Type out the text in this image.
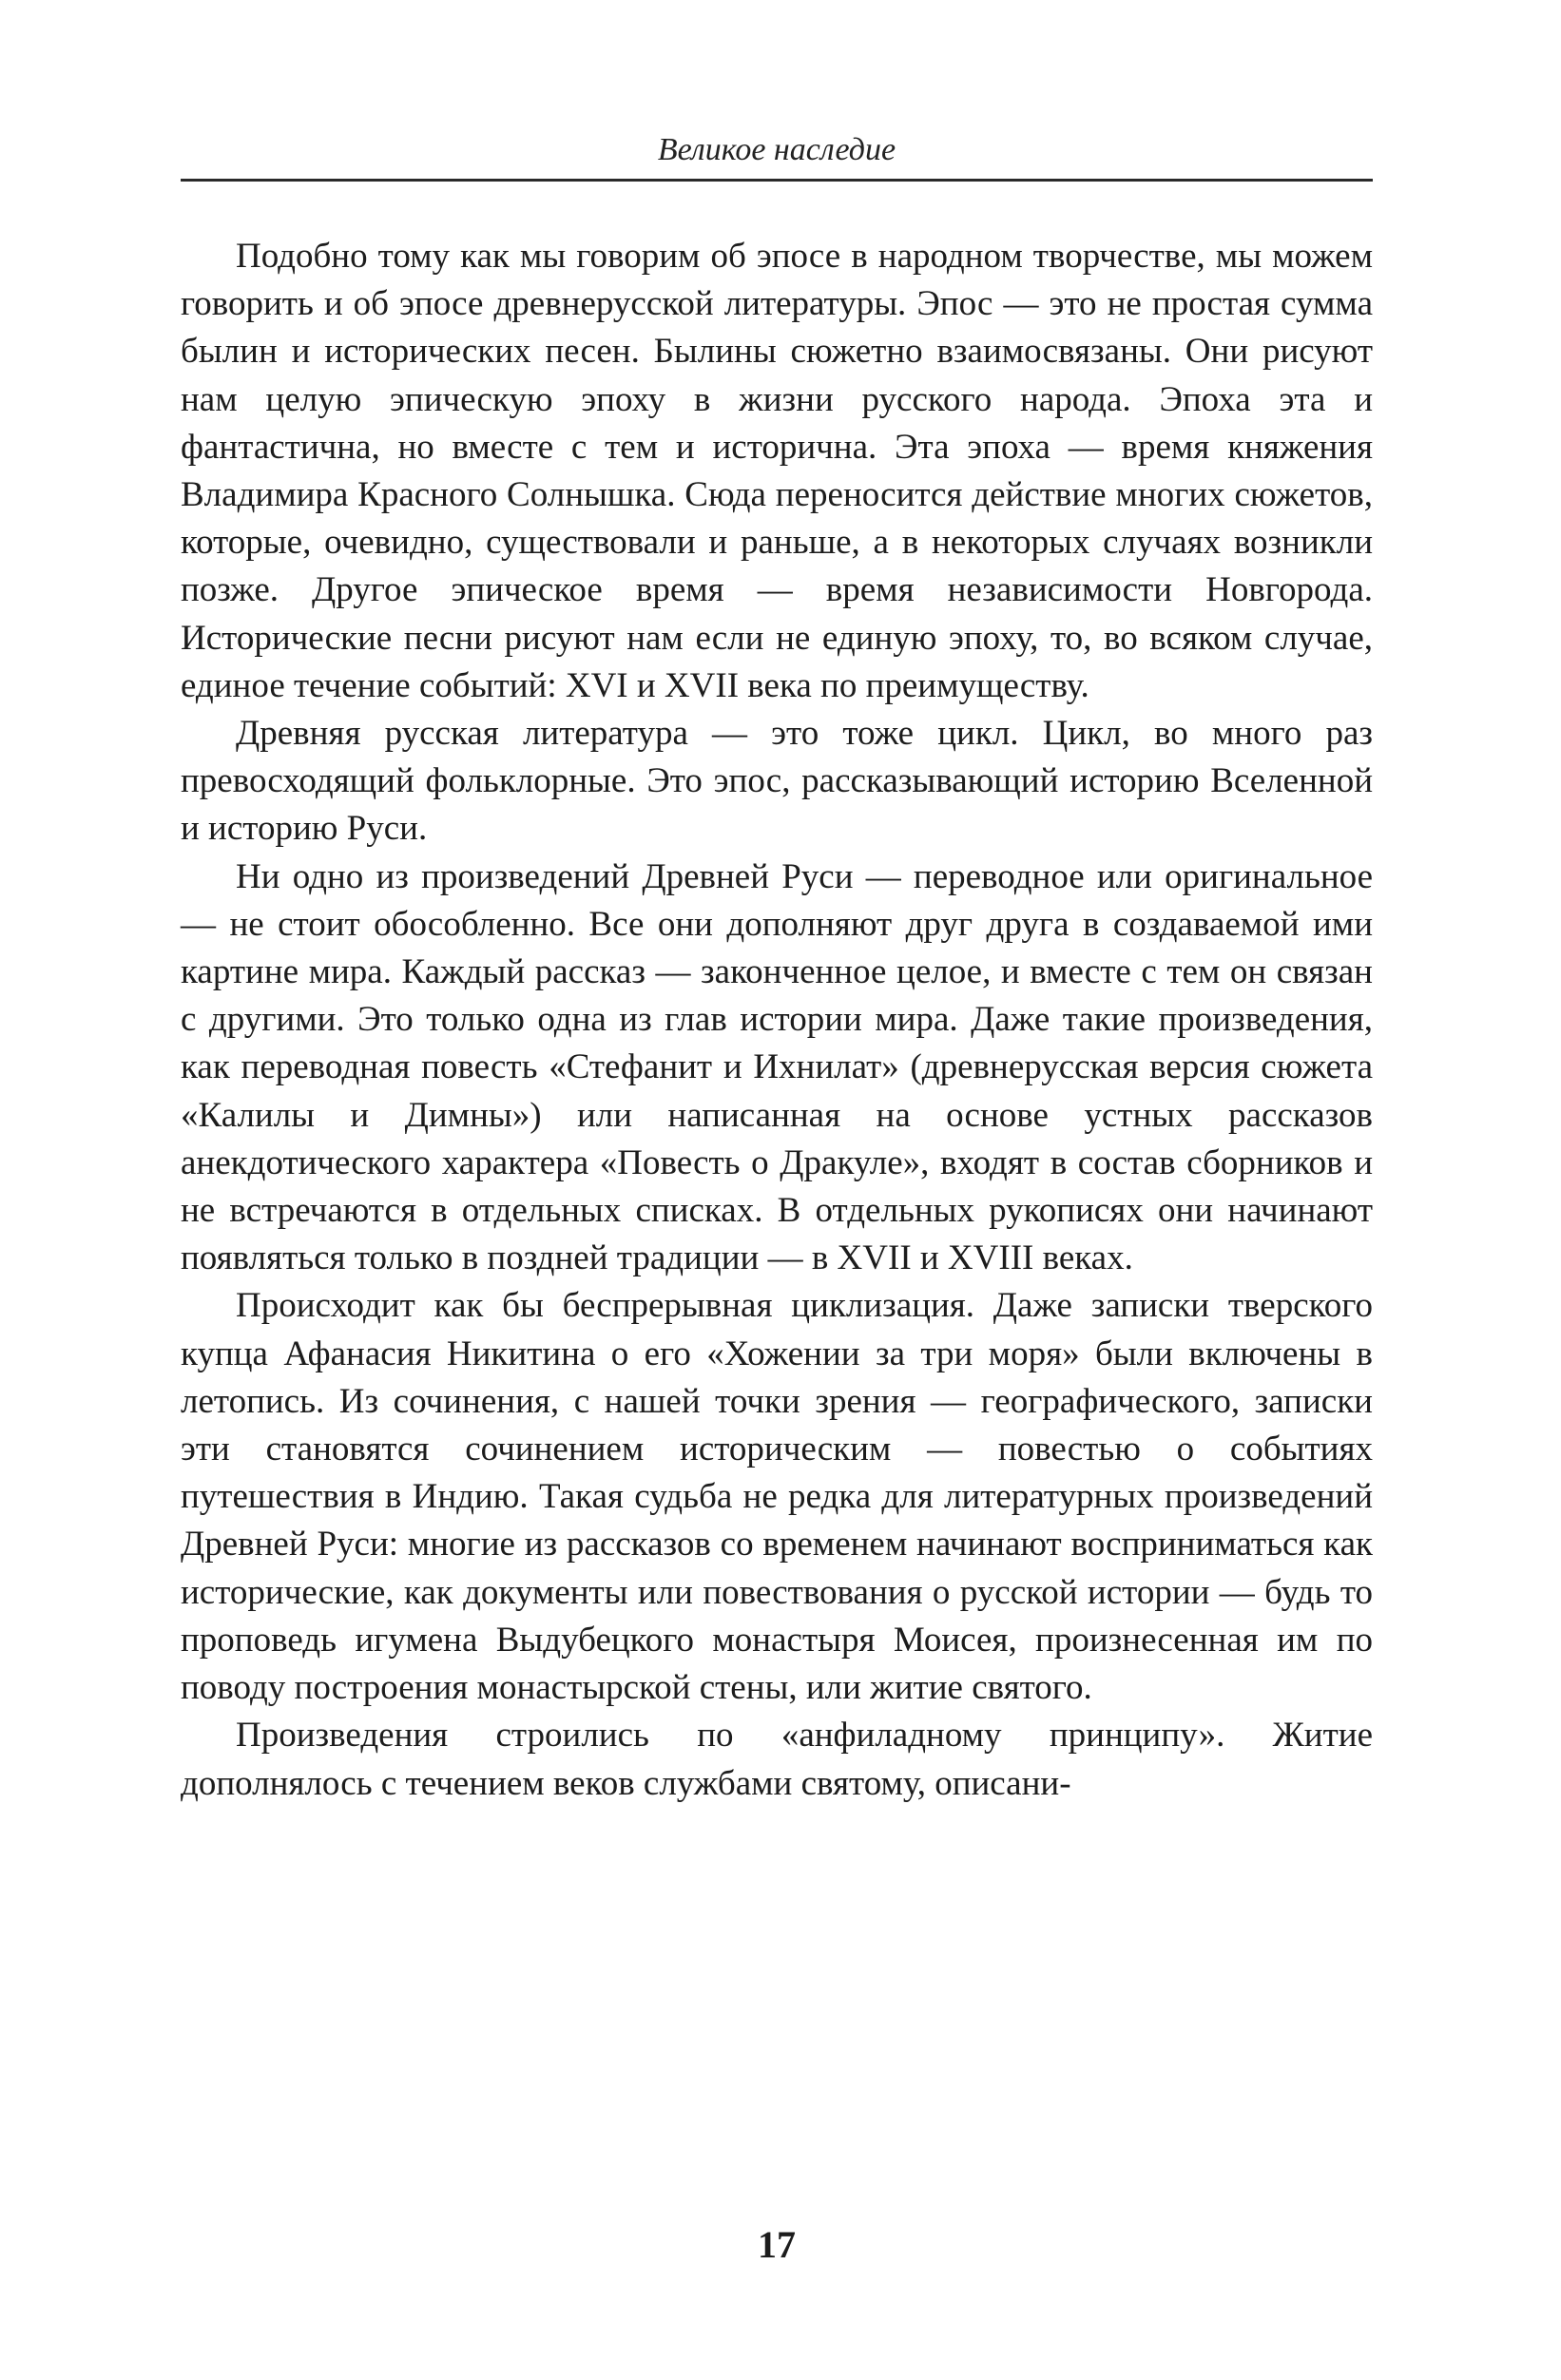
Великое наследие

Подобно тому как мы говорим об эпосе в народном творчестве, мы можем говорить и об эпосе древнерусской литературы. Эпос — это не простая сумма былин и исторических песен. Былины сюжетно взаимосвязаны. Они рисуют нам целую эпическую эпоху в жизни русского народа. Эпоха эта и фантастична, но вместе с тем и исторична. Эта эпоха — время княжения Владимира Красного Солнышка. Сюда переносится действие многих сюжетов, которые, очевидно, существовали и раньше, а в некоторых случаях возникли позже. Другое эпическое время — время независимости Новгорода. Исторические песни рисуют нам если не единую эпоху, то, во всяком случае, единое течение событий: XVI и XVII века по преимуществу.

Древняя русская литература — это тоже цикл. Цикл, во много раз превосходящий фольклорные. Это эпос, рассказывающий историю Вселенной и историю Руси.

Ни одно из произведений Древней Руси — переводное или оригинальное — не стоит обособленно. Все они дополняют друг друга в создаваемой ими картине мира. Каждый рассказ — законченное целое, и вместе с тем он связан с другими. Это только одна из глав истории мира. Даже такие произведения, как переводная повесть «Стефанит и Ихнилат» (древнерусская версия сюжета «Калилы и Димны») или написанная на основе устных рассказов анекдотического характера «Повесть о Дракуле», входят в состав сборников и не встречаются в отдельных списках. В отдельных рукописях они начинают появляться только в поздней традиции — в XVII и XVIII веках.

Происходит как бы беспрерывная циклизация. Даже записки тверского купца Афанасия Никитина о его «Хожении за три моря» были включены в летопись. Из сочинения, с нашей точки зрения — географического, записки эти становятся сочинением историческим — повестью о событиях путешествия в Индию. Такая судьба не редка для литературных произведений Древней Руси: многие из рассказов со временем начинают восприниматься как исторические, как документы или повествования о русской истории — будь то проповедь игумена Выдубецкого монастыря Моисея, произнесенная им по поводу построения монастырской стены, или житие святого.

Произведения строились по «анфиладному принципу». Житие дополнялось с течением веков службами святому, описани-

17
